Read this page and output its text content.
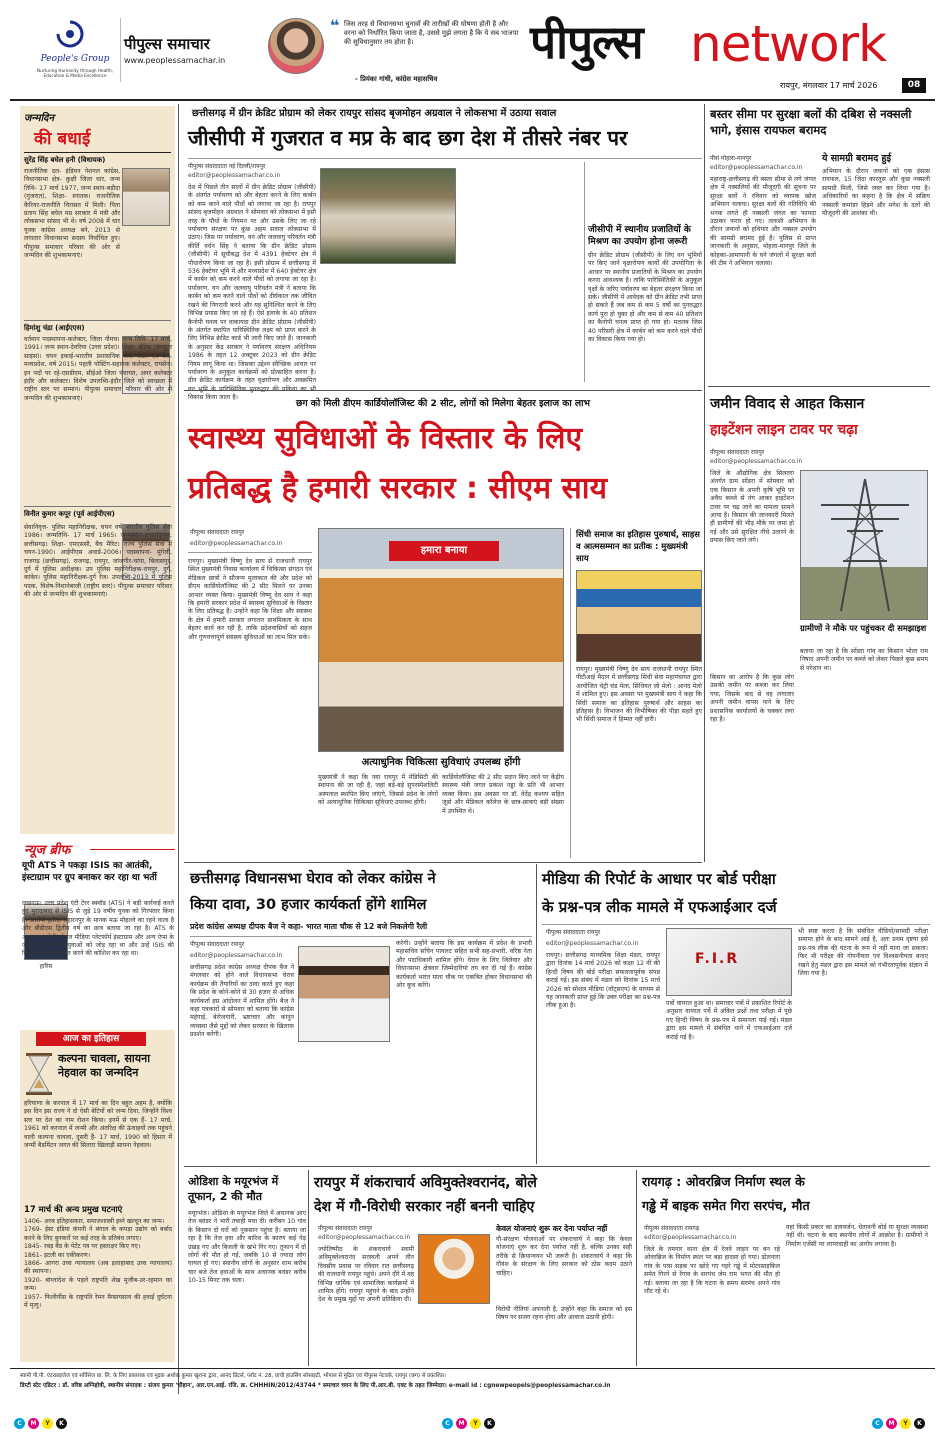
People's Group
Nurturing Humanity through Health, Education & Media Excellence
पीपुल्स समाचार
www.peoplessamachar.in
❝ जिस तरह से विधानसभा चुनावों की तारीखों की घोषणा होती है और वरना को निर्धारित किया जाता है, उससे मुझे लगता है कि ये सब भाजपा की सुविधानुसार तय होता है।
- प्रियंका गांधी, कांग्रेस महासचिव
पीपुल्स network
रायपुर, मंगलवार 17 मार्च 2026	08
जन्मदिन
की बधाई
सुरेंद्र सिंह बघेल हनी (विधायक)
राजनीतिक दल- इंडियन नेशनल कांग्रेस, विधानसभा क्षेत्र- कुक्षी जिला धार, जन्म तिथि- 17 मार्च 1977, जन्म स्थान-बड़ौदा (गुजरात), शिक्षा- स्नातक। राजनीतिक कैरियर-राजनीति विरासत में मिली। पिता प्रताप सिंह बघेल मप्र सरकार में मंत्री और लोकसभा सांसद भी थे। वर्ष 2008 में धार युवक कांग्रेस अध्यक्ष बने, 2013 से लगातार विधानसभा सदस्य निर्वाचित हुए। पीपुल्स समाचार परिवार की ओर से जन्मदिन की शुभकामनाएं।
हिमांशु चंद्रा (आईएएस)
वर्तमान पदस्थापना-कलेक्टर, जिला नीमच। जन्म तिथि- 17 मार्च, 1991। जन्म स्थान-देवरिया (उत्तर प्रदेश)। शिक्षा- बीटेक (कंप्यूटर साइंस)। चयन इकाई-भारतीय प्रशासनिक सेवा कैडर एवं बैच-मध्यप्रदेश, वर्ष 2015। पहली पोस्टिंग-सहायक कलेक्टर, रायसेन। इन पदों पर रहे-एसडीएम, सीईओ जिला पंचायत, अपर कलेक्टर इंदौर और कलेक्टर। विशेष उपलब्धि-इंदौर जिले को स्वच्छता में राष्ट्रीय स्तर पर सम्मान। पीपुल्स समाचार परिवार की ओर से जन्मदिन की शुभकामनाएं।
विनीत कुमार कपूर (पूर्व आईपीएस)
सेवानिवृत्त- पुलिस महानिरीक्षक, चयन वर्ष भारतीय पुलिस सेवा 1986। जन्मतिथि- 17 मार्च 1965। जन्मस्थान-राजनांदगांव, छत्तीसगढ़। शिक्षा- एमएससी, बैच मैरिट। राज्य पुलिस सेवा में चयन-1990। आईपीएस अवार्ड-2006। पदस्थापना- मुंगेली, राजगढ़ (छत्तीसगढ़), राजगढ़, रायपुर, जांजगीर-चांपा, बिलासपुर, दुर्ग में पुलिस अधीक्षक। उप पुलिस महानिरीक्षक-रायपुर, दुर्ग, कांकेर। पुलिस महानिरीक्षक-दुर्ग रेंज। उपलब्धि-2013 में पुलिस पदक, विशेष-निशानेबाजी (राष्ट्रीय स्तर)। पीपुल्स समाचार परिवार की ओर से जन्मदिन की शुभकामनाएं।
न्यूज ब्रीफ
यूपी ATS ने पकड़ा ISIS का आतंकी, इंस्टाग्राम पर ग्रुप बनाकर कर रहा था भर्ती
हारिस
लखनऊ। उत्तर प्रदेश एंटी टेरर स्क्वॉड (ATS) ने बड़ी कार्रवाई करते हुए मुरादाबाद से ISIS से जुड़े 19 वर्षीय युवक को गिरफ्तार किया है। आरोपी हारिस सहारनपुर के मानक मऊ मोहल्ले का रहने वाला है और बीडीएस द्वितीय वर्ष का छात्र बताया जा रहा है। ATS के अनुसार आरोपी सोशल मीडिया प्लेटफॉर्म इंस्टाग्राम और अन्य ऐप्स के जरिए ग्रुप बनाकर युवाओं को जोड़ रहा था और उन्हें ISIS की विचारधारा से प्रभावित करने की कोशिश कर रहा था।
आज का इतिहास
कल्पना चावला, सायना नेहवाल का जन्मदिन
हरियाणा के करनाल में 17 मार्च का दिन बहुत अहम है, क्योंकि इस दिन इस राज्य ने दो ऐसी बेटियों को जन्म दिया, जिन्होंने विश्व स्तर पर देश का नाम रोशन किया। इनमें से एक हैं- 17 मार्च, 1961 को करनाल में जन्मी और अंतरिक्ष की ऊंचाइयों तक पहुंचने वाली कल्पना चावला, दूसरी हैं- 17 मार्च, 1990 को हिसार में जन्मीं बैडमिंटन जगत की सितारा खिलाड़ी सायना नेहवाल।
17 मार्च की अन्य प्रमुख घटनाएं
1406- अरब इतिहासकार, समाजशास्त्री इब्ने खल्दून का जन्म।
1769- ईस्ट इंडिया कंपनी ने बंगाल के कपड़ा उद्योग को बर्बाद करने के लिए बुनकरों पर कई तरह के प्रतिबंध लगाए।
1845- रबड़ बैंड के पेटेंट पत्र पर हस्ताक्षर किए गए।
1861- इटली का एकीकरण।
1866- आगरा उच्च न्यायालय (अब इलाहाबाद उच्च न्यायालय) की स्थापना।
1920- बांग्लादेश के पहले राष्ट्रपति शेख मुजीब-उर-रहमान का जन्म।
1957- फिलीपींस के राष्ट्रपति रेमन मैग्सायसाय की हवाई दुर्घटना में मृत्यु।
छत्तीसगढ़ में ग्रीन क्रेडिट प्रोग्राम को लेकर रायपुर सांसद बृजमोहन अग्रवाल ने लोकसभा में उठाया सवाल
जीसीपी में गुजरात व मप्र के बाद छग देश में तीसरे नंबर पर
पीपुल्स संवाददाता नई दिल्ली/रायपुर
editor@peoplessamachar.co.in
देश में पिछले तीन सालों में ग्रीन क्रेडिट प्रोग्राम (जीसीपी) के अंतर्गत पर्यावरण को और बेहतर करने के लिए कार्बन को कम करने वाले पौधों को लगाया जा रहा है। रायपुर सांसद बृजमोहन अग्रवाल ने सोमवार को लोकसभा में इसी तरह के पौधों के नियमन पर और उसके लिए जा रहे पर्यावरण संरक्षण पर कुछ अहम सवाल लोकसभा में उठाए। जिस पर पर्यावरण, वन और जलवायु परिवर्तन मंत्री कीर्ति वर्धन सिंह ने बताया कि ग्रीन क्रेडिट प्रोग्राम (जीसीपी) में सूचीबद्ध देश में 4391 हेक्टेयर क्षेत्र में पौधारोपण किया जा रहा है। इसी प्रोग्राम में छत्तीसगढ़ में 536 हेक्टेयर भूमि में और मध्यप्रदेश में 640 हेक्टेयर क्षेत्र में कार्बन को कम करने वाले पौधों को लगाया जा रहा है। पर्यावरण, वन और जलवायु परिवर्तन मंत्री ने बताया कि कार्बन को कम करने वाले पौधों को दीर्घकाल तक जीवित रखने की निगरानी करने और यह सुनिश्चित करने के लिए विभिन्न प्रयास किए जा रहे हैं। ऐसे इलाके के 40 प्रतिशत कैनोपी घनत्व पर वाकायदा ग्रीन क्रेडिट प्रोग्राम (जीसीपी) के अंतर्गत स्थापित पारिस्थितिक लक्ष्य को प्राप्त करने के लिए विभिन्न क्रेडिट कार्ड भी जारी किए जाते हैं। जानकारी के अनुसार केंद्र सरकार ने पर्यावरण संरक्षण अधिनियम 1986 के तहत 12 अक्टूबर 2023 को ग्रीन क्रेडिट नियम लागू किया था। जिसका उद्देश्य स्वैच्छिक आधार पर पर्यावरण के अनुकूल कार्यक्रमों को प्रोत्साहित करना है। ग्रीन क्रेडिट कार्यक्रम के तहत वृक्षारोपण और अवक्रमित विकास किया जाता है।
जीसीपी में स्थानीय प्रजातियों के मिश्रण का उपयोग होना जरूरी
ग्रीन क्रेडिट प्रोग्राम (जीसीपी) के लिए वन भूमियों पर किए जाने वृक्षारोपण कार्यों की उपयोगिता के आधार पर स्थानीय प्रजातियों के मिश्रण का उपयोग करना आवश्यक है। ताकि पारिस्थितिकी के अनुकूल वृक्षों के जरिए पर्यावरण का बेहतर संरक्षण किया जा सके। जीसीपी में आवेदक को ग्रीन क्रेडिट तभी प्राप्त हो सकते हैं जब कम से कम 5 वर्षों का पुनरुद्धार कार्य पूरा हो चुका हो और कम से कम 40 प्रतिशत का कैनोपी घनत्व प्राप्त हो गया हो। मतलब जिस 40 परिसरी क्षेत्र में कार्बन को कम करने वाले पौधों का विकास किया गया हो।
छग को मिली डीएम कार्डियोलॉजिस्ट की 2 सीट, लोगों को मिलेगा बेहतर इलाज का लाभ
स्वास्थ्य सुविधाओं के विस्तार के लिए
प्रतिबद्ध है हमारी सरकार : सीएम साय
पीपुल्स संवाददाता रायपुर
editor@peoplessamachar.co.in
रायपुर। मुख्यमंत्री विष्णु देव साय से राजधानी रायपुर स्थित मुख्यमंत्री निवास कार्यालय में चिकित्सा संगठन एवं मेडिकल छात्रों ने सौजन्य मुलाकात की और प्रदेश को डीएम कार्डियोलॉजिस्ट की 2 सीट मिलने पर उनका आभार व्यक्त किया। मुख्यमंत्री विष्णु देव साय ने कहा कि हमारी सरकार प्रदेश में स्वास्थ्य सुविधाओं के विस्तार के लिए प्रतिबद्ध है। उन्होंने कहा कि शिक्षा और स्वास्थ्य के क्षेत्र में हमारी सरकार लगातार प्राथमिकता के साथ बेहतर कार्य कर रही है, ताकि प्रदेशवासियों को सहज और गुणवत्तापूर्ण स्वास्थ्य सुविधाओं का लाभ मिल सके।
हमारा बनाया
अत्याधुनिक चिकित्सा सुविधाएं उपलब्ध होंगी
मुख्यमंत्री ने कहा कि नया रायपुर में मेडिसिटी की स्थापना की जा रही है, जहां बड़े-बड़े सुपरस्पेशलिटी अस्पताल स्थापित किए जाएंगे, जिससे प्रदेश के लोगों को अत्याधुनिक चिकित्सा सुविधाएं उपलब्ध होंगी।
कार्डियोलॉजिस्ट की 2 सीट प्रदान किए जाने पर केंद्रीय स्वास्थ्य मंत्री जगत प्रकाश नड्डा के प्रति भी आभार व्यक्त किया। इस अवसर पर डॉ. वेदेंद्र कश्यप सहित जूडो और मेडिकल कॉलेज के छात्र-छात्राएं बड़ी संख्या में उपस्थित थे।
सिंधी समाज का इतिहास पुरुषार्थ, साहस व आत्मसम्मान का प्रतीक : मुख्यमंत्री साय
रायपुर। मुख्यमंत्री विष्णु देव साय राजधानी रायपुर स्थित पीटीआई मैदान में छत्तीसगढ़ सिंधी सेवा महापंचायत द्वारा आयोजित चेट्री चंड मेला, सिंधियत जो मेलो : आनंद मेलो में शामिल हुए। इस अवसर पर मुख्यमंत्री साय ने कहा कि सिंधी समाज का इतिहास पुरुषार्थ और साहस का इतिहास है। विभाजन की विभीषिका की पीड़ा सहते हुए भी सिंधी समाज ने हिम्मत नहीं हारी।
बस्तर सीमा पर सुरक्षा बलों की दबिश से नक्सली भागे, इंसास रायफल बरामद
पीसं मोहला-मानपुर
editor@peoplessamachar.co.in
महाराष्ट्र-छत्तीसगढ़ की बस्तर सीमा से लगे जंगल क्षेत्र में नक्सलियों की मौजूदगी की सूचना पर सुरक्षा बलों ने रविवार को व्यापक खोज अभियान चलाया। सुरक्षा बलों की गतिविधि की भनक लगते ही नक्सली जंगल का फायदा उठाकर फरार हो गए। तलाशी अभियान के दौरान जवानों को हथियार और नक्सल उपयोग की सामग्री बरामद हुई है। पुलिस से प्राप्त जानकारी के अनुसार, मोहला-मानपुर जिले के कोहका-आमापानी के घने जंगलों में सुरक्षा बलों की टीम ने अभियान चलाया।
ये सामग्री बरामद हुई
अभियान के दौरान जवानों को एक इंसास रायफल, 15 जिंदा कारतूस और कुछ नक्सली सामग्री मिली, जिसे जब्त कर लिया गया है। अधिकारियों का कहना है कि क्षेत्र में सक्रिय नक्सली कमांडर हिड़मे और मगेश के दलों की मौजूदगी की आशंका थी।
जमीन विवाद से आहत किसान
हाइटेंशन लाइन टावर पर चढ़ा
पीपुल्स संवाददाता रायपुर
editor@peoplessamachar.co.in
जिले के औद्योगिक क्षेत्र सिलतरा अंतर्गत ग्राम सोंडरा में सोमवार को एक किसान के अपनी कृषि भूमि पर अवैध कब्जे से तंग आकर हाइटेंशन टावर पर चढ़ जाने का मामला सामने आया है। किसान की जानकारी मिलते ही ग्रामीणों की भीड़ मौके पर जमा हो गई और उसे सुरक्षित नीचे उतारने के प्रयास किए जाने लगे।
ग्रामीणों ने मौके पर पहुंचकर दी समझाइश
बताया जा रहा है कि सोंडरा गांव का किसान भोला राम निषाद अपनी जमीन पर कब्जे को लेकर पिछले कुछ समय से परेशान था।
किसान का आरोप है कि कुछ लोग उसकी जमीन पर कब्जा कर लिया गया, जिसके बाद से वह लगातार अपनी जमीन वापस पाने के लिए प्रशासनिक कार्यालयों के चक्कर लगा रहा है।
छत्तीसगढ़ विधानसभा घेराव को लेकर कांग्रेस ने
किया दावा, 30 हजार कार्यकर्ता होंगे शामिल
प्रदेश कांग्रेस अध्यक्ष दीपक बैज ने कहा- भारत माता चौक से 12 बजे निकलेगी रैली
पीपुल्स संवाददाता रायपुर
editor@peoplessamachar.co.in
छत्तीसगढ़ प्रदेश कांग्रेस अध्यक्ष दीपक बैज ने मंगलवार को होने वाले विधानसभा घेराव कार्यक्रम की तैयारियों का दावा करते हुए कहा कि प्रदेश के कोने-कोने से 30 हजार से अधिक कार्यकर्ता इस आंदोलन में शामिल होंगे। बैज ने कहा पत्रकारों से सोमवार को बताया कि कांग्रेस महंगाई, बेरोजगारी, भ्रष्टाचार और कानून व्यवस्था जैसे मुद्दों को लेकर सरकार के खिलाफ प्रदर्शन करेगी।
करेगी। उन्होंने बताया कि इस कार्यक्रम में प्रदेश के प्रभारी महासचिव सचिन पायलट सहित सभी सह-प्रभारी, वरिष्ठ नेता और पदाधिकारी शामिल होंगे। घेराव के लिए जिलेवार और विधानसभा क्षेत्रवार जिम्मेदारियां तय कर दी गई हैं। कांग्रेस कार्यकर्ता भारत माता चौक पर एकत्रित होकर विधानसभा की ओर कूच करेंगे।
मीडिया की रिपोर्ट के आधार पर बोर्ड परीक्षा
के प्रश्न-पत्र लीक मामले में एफआईआर दर्ज
पीपुल्स संवाददाता रायपुर
editor@peoplessamachar.co.in
रायपुर। छत्तीसगढ़ माध्यमिक शिक्षा मंडल, रायपुर द्वारा दिनांक 14 मार्च 2026 को कक्षा 12 वीं की हिन्दी विषय की बोर्ड परीक्षा सफलतापूर्वक संपन्न कराई गई। इस संबंध में मंडल को दिनांक 15 मार्च 2026 को सोशल मीडिया (वॉट्सएप) के माध्यम से यह जानकारी प्राप्त हुई कि उक्त परीक्षा का प्रश्न-पत्र लीक हुआ है।
F.I.R
पत्रों वायरल हुआ था। समाचार पत्रों में प्रकाशित रिपोर्ट के अनुसार वायरल पर्चे में अंकित प्रश्नों तथा परीक्षा में पूछे गए हिन्दी विषय के प्रश्न-पत्र में समानता पाई गई। मंडल द्वारा इस मामले में संबंधित थाने में एफआईआर दर्ज कराई गई है।
भी स्पष्ट करता है कि संबंधित वीडियो/सामग्री परीक्षा समाप्त होने के बाद सामने आई है, अतः प्रथम दृष्टया इसे प्रश्न-पत्र लीक की घटना के रूप में नहीं माना जा सकता। फिर भी परीक्षा की गोपनीयता एवं विश्वसनीयता बनाए रखने हेतु मंडल द्वारा इस मामले को गंभीरतापूर्वक संज्ञान में लिया गया है।
ओडिशा के मयूरभंज में तूफान, 2 की मौत
मयूरभंज। ओडिशा के मयूरभंज जिले में अचानक आए तेज बवंडर ने भारी तबाही मचा दी। करीबन 10 गांव के किसान दो घरों को नुकसान पहुंचा है। बताया जा रहा है कि तेज हवा और बारिश के कारण कई पेड़ उखड़ गए और बिजली के खंभे गिर गए। तूफान में दो लोगों की मौत हो गई, जबकि 10 से ज्यादा लोग घायल हो गए। स्थानीय लोगों के अनुसार शाम करीब चार बजे तेज हवाओं के साथ अचानक बवंडर करीब 10-15 मिनट तक चला।
रायपुर में शंकराचार्य अविमुक्तेश्वरानंद, बोले
देश में गौ-विरोधी सरकार नहीं बननी चाहिए
पीपुल्स संवाददाता रायपुर
editor@peoplessamachar.co.in
ज्योतिष्पीठ के शंकराचार्य स्वामी अविमुक्तेश्वरानंद सरस्वती अपने तीन दिवसीय प्रवास पर रविवार रात छत्तीसगढ़ की राजधानी रायपुर पहुंचे। अपने दौरे में वह विभिन्न धार्मिक एवं सामाजिक कार्यक्रमों में शामिल होंगे। रायपुर पहुंचने के बाद उन्होंने देश के प्रमुख मुद्दों पर अपनी प्रतिक्रिया दी।
केवल योजनाएं शुरू कर देना पर्याप्त नहीं
गौ-संरक्षण योजनाओं पर शंकराचार्य ने कहा कि केवल योजनाएं शुरू कर देना पर्याप्त नहीं है, बल्कि उनका सही तरीके से क्रियान्वयन भी जरूरी है। शंकराचार्य ने कहा कि गौवंश के संरक्षण के लिए सरकार को ठोस कदम उठाने चाहिए।
विरोधी नीतियां अपनाती है, उन्होंने कहा कि समाज को इस विषय पर सजग रहना होगा और आवाज उठानी होगी।
रायगढ़ : ओवरब्रिज निर्माण स्थल के
गड्ढे में बाइक समेत गिरा सरपंच, मौत
पीपुल्स संवाददाता रायगढ़
editor@peoplessamachar.co.in
जिले के तमनार थाना क्षेत्र में रेलवे लाइन पर बन रहे ओवरब्रिज के निर्माण स्थल पर बड़ा हादसा हो गया। ढोलनारा गांव के पास सड़क पर खोदे गए गहरे गड्ढे में मोटरसाइकिल समेत गिरने से रेंगाव के सरपंच जेम राम भगत की मौत हो गई। बताया जा रहा है कि घटना के समय सरपंच अपने गांव लौट रहे थे।
वहां किसी प्रकार का डायवर्जन, चेतावनी बोर्ड या सुरक्षा व्यवस्था नहीं थी। घटना के बाद स्थानीय लोगों में आक्रोश है। ग्रामीणों ने निर्माण एजेंसी पर लापरवाही का आरोप लगाया है।
स्वामी पी.पी. एंटरप्राइजेज एवं सर्विसेज प्रा. लि. के लिए प्रकाशक एवं मुद्रक अशोक कुमार खुराना द्वारा, आनंद प्रिंटर्स, प्लॉट नं. 28, प्राची हाउसिंग सोसाइटी, भोपाल से मुद्रित एवं पीपुल्स नेटवर्क, रायपुर (छग) से प्रकाशित।
डिप्टी स्टेट एडिटर : डॉ. वरिष्ठ अग्निहोत्री, स्थानीय संपादक : संजय कुमार 'चौहान', आर.एन.आई. रजि. क्र. CHHHIN/2012/43744 * समाचार चयन के लिए पी.आर.बी. एक्ट के तहत जिम्मेदार। e-mail id : cgnewpeopels@peoplessamachar.co.in
C	M	Y	K	C	M	Y	K	C	M	Y	K
